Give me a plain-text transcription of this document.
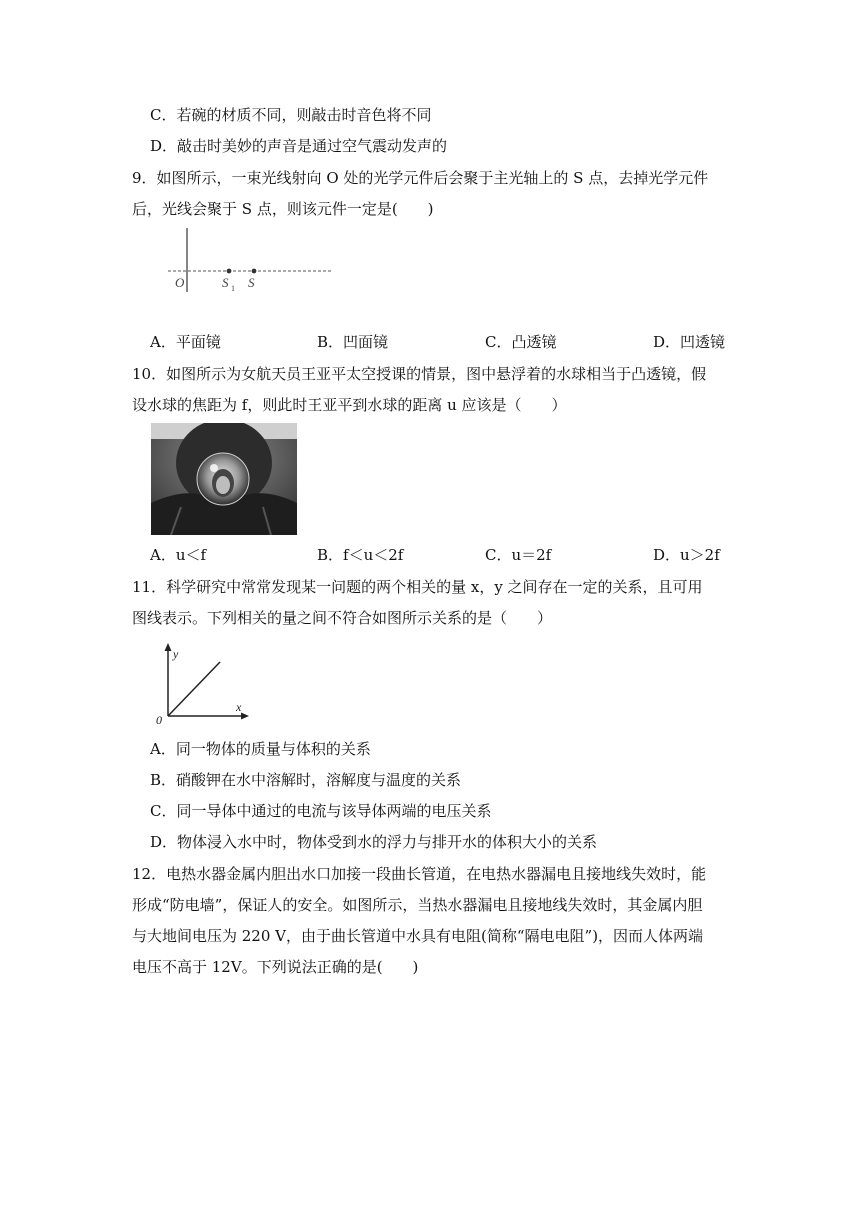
C．若碗的材质不同，则敲击时音色将不同
D．敲击时美妙的声音是通过空气震动发声的
9．如图所示，一束光线射向 O 处的光学元件后会聚于主光轴上的 S 点，去掉光学元件
后，光线会聚于 S 点，则该元件一定是(　　)
O	S 1 S
A．平面镜	B．凹面镜	C．凸透镜	D．凹透镜
10．如图所示为女航天员王亚平太空授课的情景，图中悬浮着的水球相当于凸透镜，假
设水球的焦距为 f，则此时王亚平到水球的距离 u 应该是（　　）
A．u＜f	B．f＜u＜2f	C．u＝2f	D．u＞2f
11．科学研究中常常发现某一问题的两个相关的量 x，y 之间存在一定的关系，且可用
图线表示。下列相关的量之间不符合如图所示关系的是（　　）
y
x
0
A．同一物体的质量与体积的关系
B．硝酸钾在水中溶解时，溶解度与温度的关系
C．同一导体中通过的电流与该导体两端的电压关系
D．物体浸入水中时，物体受到水的浮力与排开水的体积大小的关系
12．电热水器金属内胆出水口加接一段曲长管道，在电热水器漏电且接地线失效时，能
形成“防电墙”，保证人的安全。如图所示，当热水器漏电且接地线失效时，其金属内胆
与大地间电压为 220 V，由于曲长管道中水具有电阻(简称“隔电电阻”)，因而人体两端
电压不高于 12V。下列说法正确的是(　　)
